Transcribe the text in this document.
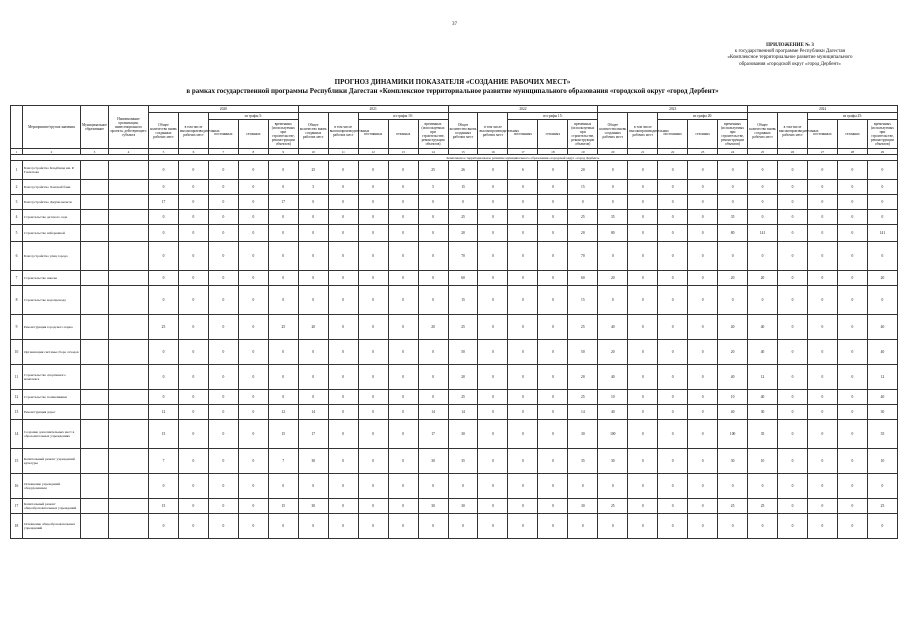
37
ПРИЛОЖЕНИЕ № 3
к государственной программе Республики Дагестан
«Комплексное территориальное развитие муниципального
образования «городской округ «город Дербент»
ПРОГНОЗ ДИНАМИКИ ПОКАЗАТЕЛЯ «СОЗДАНИЕ РАБОЧИХ МЕСТ»
в рамках государственной программы Республики Дагестан «Комплексное территориальное развитие муниципального образования «городской округ «город Дербент»
	Мероприятие/группа значения	Муниципальное образование	Наименование организации, инвестиционного проекта, действующего субъекта	2020					2021					2022					2023					2024				
				Общее количество вновь созданных рабочих мест	в том числе высокопроизводительных рабочих мест	из графы 5:			Общее количество вновь созданных рабочих мест	в том числе высокопроизводительных рабочих мест	из графы 10:			Общее количество вновь созданных рабочих мест	в том числе высокопроизводительных рабочих мест	из графы 15:			Общее количество вновь созданных рабочих мест	в том числе высокопроизводительных рабочих мест	из графы 20:			Общее количество вновь созданных рабочих мест	в том числе высокопроизводительных рабочих мест	из графы 25:		
						постоянных	сезонных	временных (используемых при строительстве, реконструкции объектов)			постоянных	сезонных	временных (используемых при строительстве, реконструкции объектов)			постоянных	сезонных	временных (используемых при строительстве, реконструкции объектов)			постоянных	сезонных	временных (используемых при строительстве, реконструкции объектов)			постоянных	сезонных	временных (используемых при строительстве, реконструкции объектов)
1	2	3	4	5	6	7	8	9	10	11	12	13	14	15	16	17	18	19	20	21	22	23	24	25	26	27	28	29
				Комплексное территориальное развитие муниципального образования «городской округ «город Дербент»																								
1	Благоустройство Кладбища им. Р. Гамзатова			0	0	0	0	0	25	0	0	0	25	26	0	6	0	20	0	0	0	0	0	0	0	0	0	0
2	Благоустройство Ханской бани			0	0	0	0	0	5	0	0	0	5	15	0	0	0	15	0	0	0	0	0	0	0	0	0	0
3	Благоустройство Джума-мечети			17	0	0	0	17	0	0	0	0	0	0	0	0	0	0	0	0	0	0	0	0	0	0	0	0
4	Строительство детского сада			0	0	0	0	0	0	0	0	0	0	25	0	0	0	25	35	0	0	0	35	0	0	0	0	0
5	Строительство набережной			0	0	0	0	0	0	0	0	0	0	20	0	0	0	20	80	0	0	0	80	141	0	0	0	141
6	Благоустройство улиц города			0	0	0	0	0	0	0	0	0	0	70	0	0	0	70	0	0	0	0	0	0	0	0	0	0
7	Строительство школы			0	0	0	0	0	0	0	0	0	0	60	0	0	0	60	20	0	0	0	20	20	0	0	0	20
8	Строительство водопровода			0	0	0	0	0	0	0	0	0	0	15	0	0	0	15	0	0	0	0	0	0	0	0	0	0
9	Реконструкция городского парка			25	0	0	0	25	20	0	0	0	20	25	0	0	0	25	40	0	0	0	40	40	0	0	0	40
10	Организация системы сбора отходов			0	0	0	0	0	0	0	0	0	0	50	0	0	0	50	20	0	0	0	20	40	0	0	0	40
11	Строительство спортивного комплекса			0	0	0	0	0	0	0	0	0	0	20	0	0	0	20	40	0	0	0	40	12	0	0	0	12
12	Строительство поликлиники			0	0	0	0	0	0	0	0	0	0	25	0	0	0	25	10	0	0	0	10	40	0	0	0	40
13	Реконструкция дорог			12	0	0	0	12	14	0	0	0	14	14	0	0	0	14	40	0	0	0	40	30	0	0	0	30
14	Создание дополнительных мест в образовательных учреждениях			15	0	0	0	15	17	0	0	0	17	30	0	0	0	30	100	0	0	0	100	35	0	0	0	35
15	Капитальный ремонт учреждений культуры			7	0	0	0	7	30	0	0	0	30	35	0	0	0	35	30	0	0	0	30	10	0	0	0	10
16	Оснащение учреждений оборудованием			0	0	0	0	0	0	0	0	0	0	0	0	0	0	0	0	0	0	0	0	0	0	0	0	0
17	Капитальный ремонт общеобразовательных учреждений			15	0	0	0	15	30	0	0	0	30	30	0	0	0	30	25	0	0	0	25	25	0	0	0	25
18	Оснащение общеобразовательных учреждений			0	0	0	0	0	0	0	0	0	0	0	0	0	0	0	0	0	0	0	0	0	0	0	0	0
